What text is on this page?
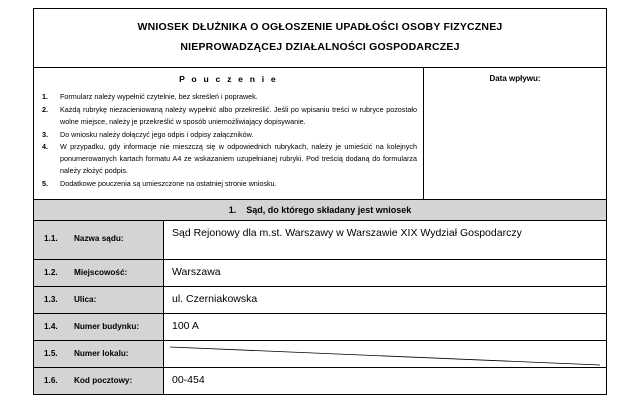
WNIOSEK DŁUŻNIKA O OGŁOSZENIE UPADŁOŚCI OSOBY FIZYCZNEJ
NIEPROWADZĄCEJ DZIAŁALNOŚCI GOSPODARCZEJ
P o u c z e n i e
1.	Formularz należy wypełnić czytelnie, bez skreśleń i poprawek.
2.	Każdą rubrykę niezacieniowaną należy wypełnić albo przekreślić. Jeśli po wpisaniu treści w rubryce pozostało wolne miejsce, należy je przekreślić w sposób uniemożliwiający dopisywanie.
3.	Do wniosku należy dołączyć jego odpis i odpisy załączników.
4.	W przypadku, gdy informacje nie mieszczą się w odpowiednich rubrykach, należy je umieścić na kolejnych ponumerowanych kartach formatu A4 ze wskazaniem uzupełnianej rubryki. Pod treścią dodaną do formularza należy złożyć podpis.
5.	Dodatkowe pouczenia są umieszczone na ostatniej stronie wniosku.
Data wpływu:
1. Sąd, do którego składany jest wniosek
1.1.	Nazwa sądu:	Sąd Rejonowy dla m.st. Warszawy w Warszawie XIX Wydział Gospodarczy
1.2.	Miejscowość:	Warszawa
1.3.	Ulica:	ul. Czerniakowska
1.4.	Numer budynku:	100 A
1.5.	Numer lokalu:
1.6.	Kod pocztowy:	00-454
